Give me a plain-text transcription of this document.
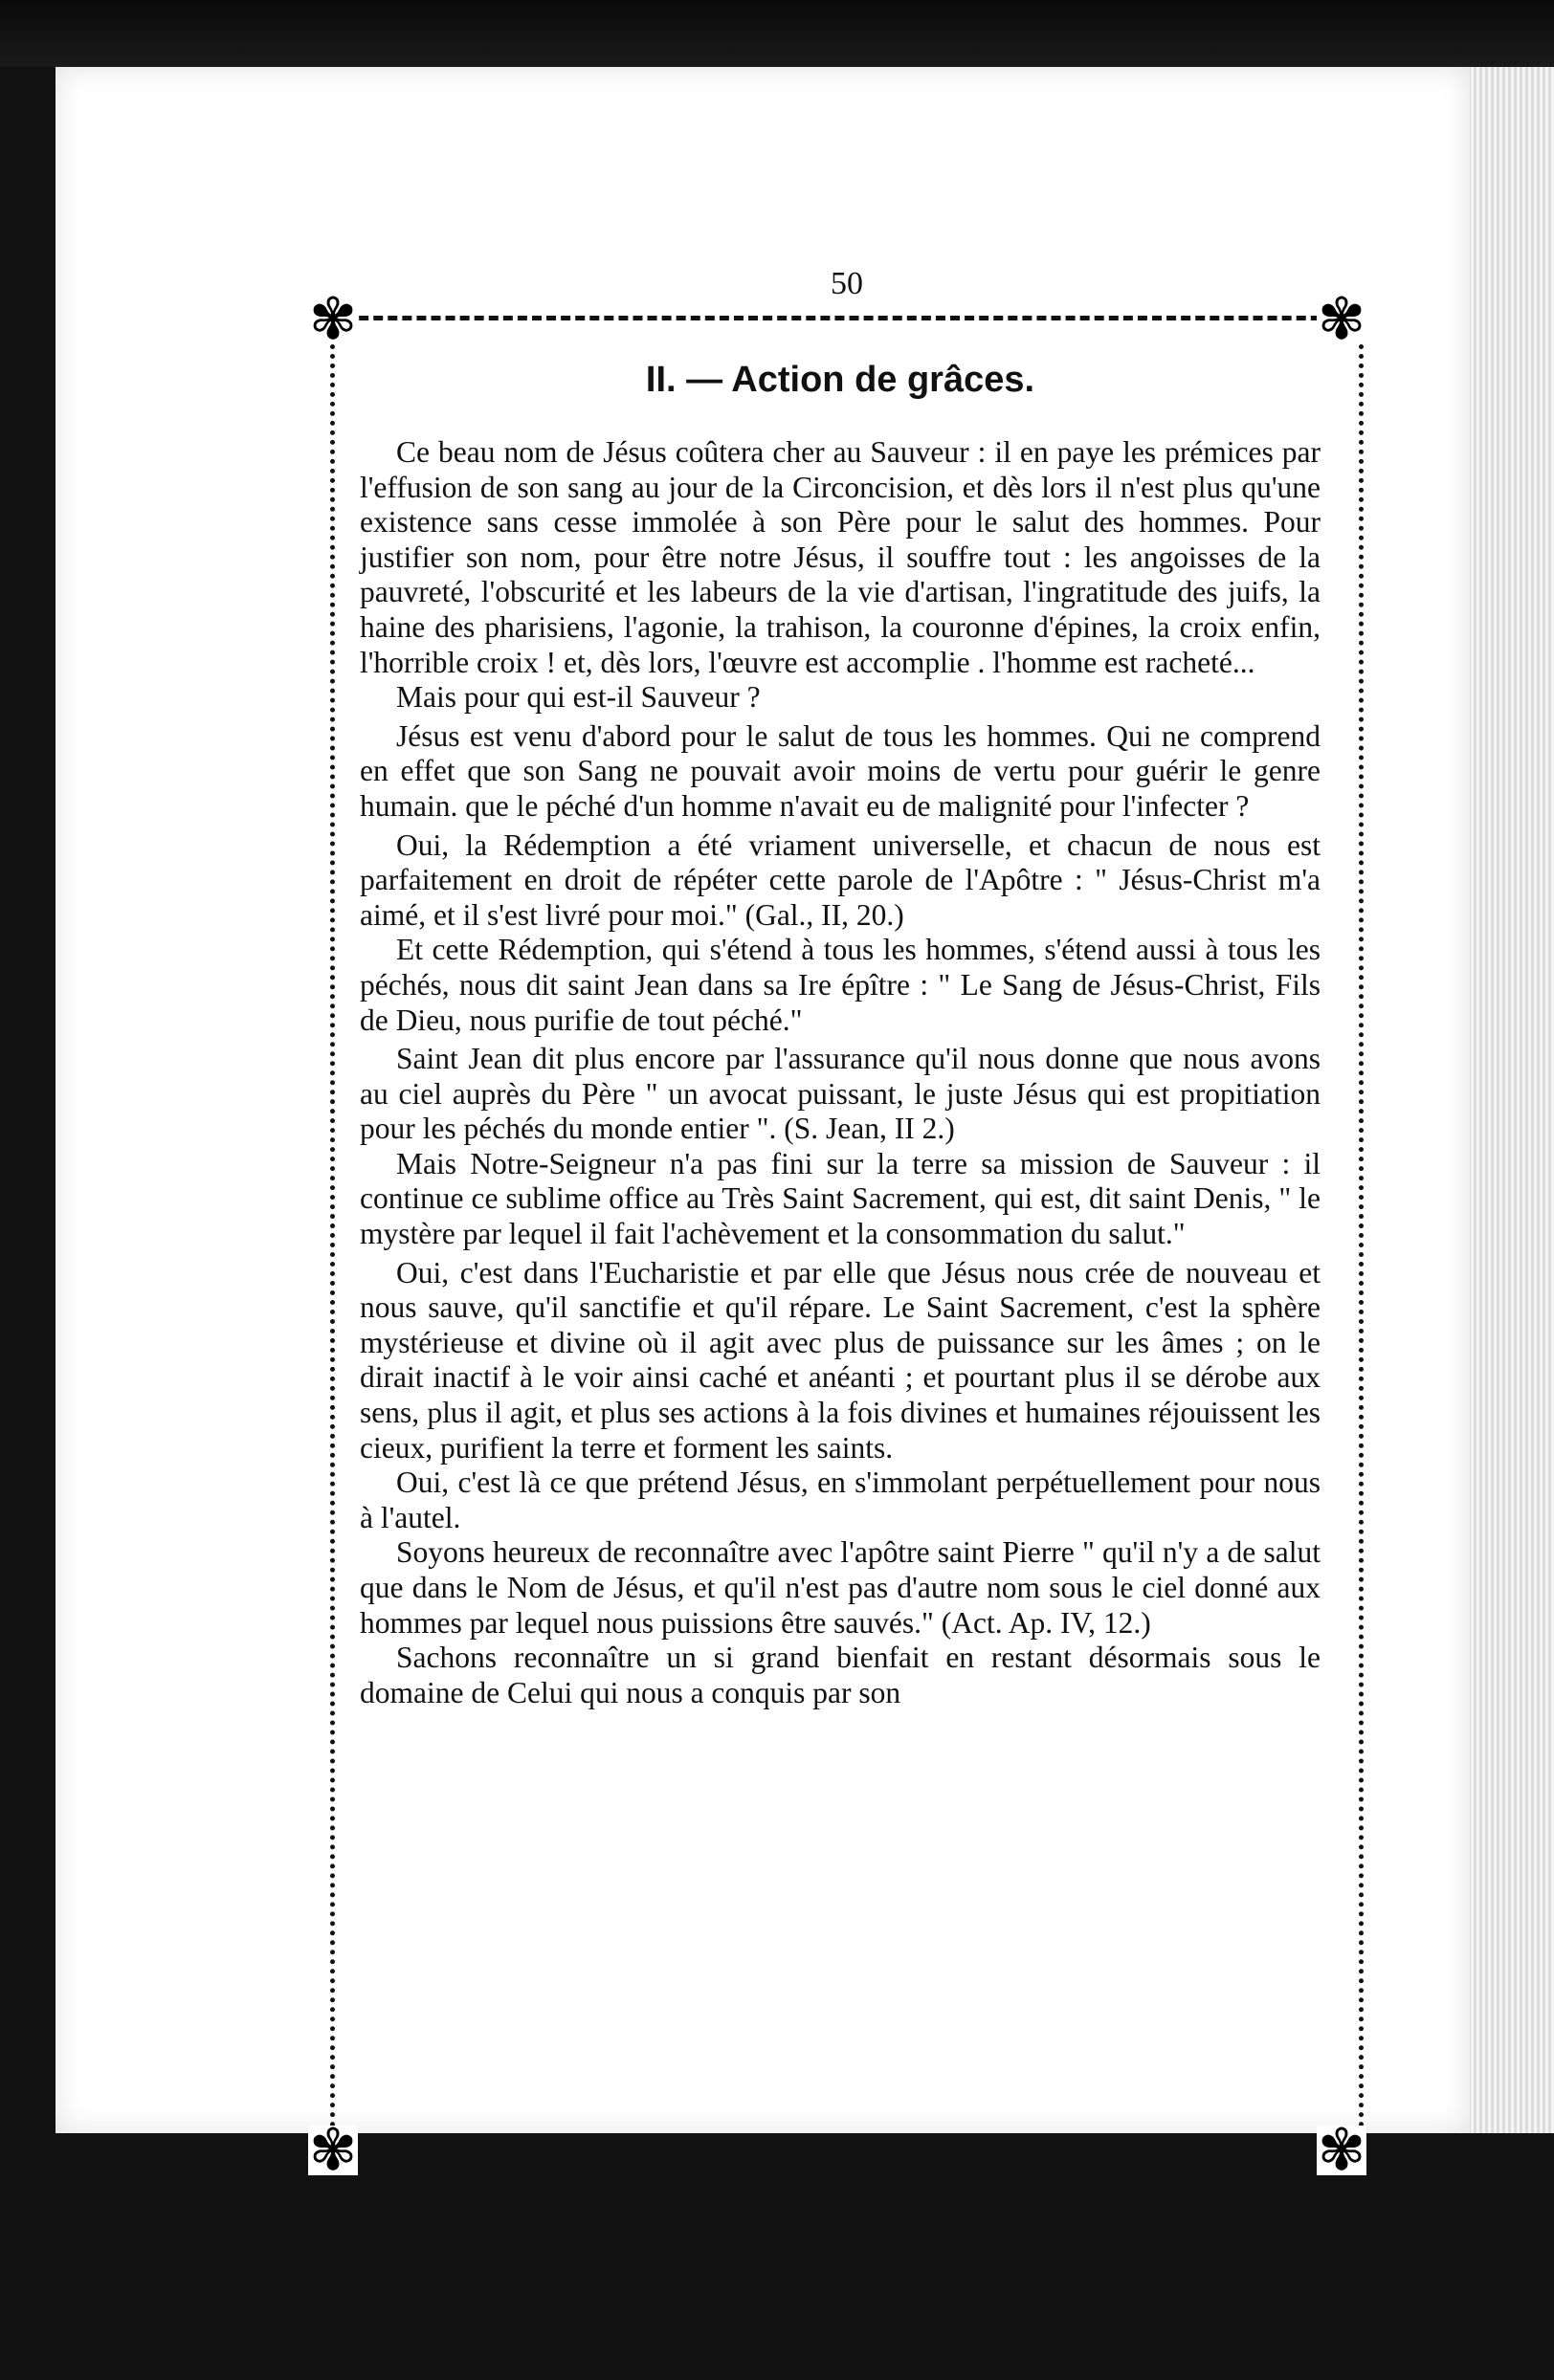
50
✾	✾
✾	✾
II. — Action de grâces.

Ce beau nom de Jésus coûtera cher au Sauveur : il en paye les prémices par l'effusion de son sang au jour de la Circoncision, et dès lors il n'est plus qu'une existence sans cesse immolée à son Père pour le salut des hommes. Pour justifier son nom, pour être notre Jésus, il souffre tout : les angoisses de la pauvreté, l'obscurité et les labeurs de la vie d'artisan, l'ingratitude des juifs, la haine des pharisiens, l'agonie, la trahison, la couronne d'épines, la croix enfin, l'horrible croix ! et, dès lors, l'œuvre est accomplie . l'homme est racheté...

Mais pour qui est-il Sauveur ?

Jésus est venu d'abord pour le salut de tous les hommes. Qui ne comprend en effet que son Sang ne pouvait avoir moins de vertu pour guérir le genre humain. que le péché d'un homme n'avait eu de malignité pour l'infecter ?

Oui, la Rédemption a été vriament universelle, et chacun de nous est parfaitement en droit de répéter cette parole de l'Apôtre : " Jésus-Christ m'a aimé, et il s'est livré pour moi." (Gal., II, 20.)

Et cette Rédemption, qui s'étend à tous les hommes, s'étend aussi à tous les péchés, nous dit saint Jean dans sa Ire épître : " Le Sang de Jésus-Christ, Fils de Dieu, nous purifie de tout péché."

Saint Jean dit plus encore par l'assurance qu'il nous donne que nous avons au ciel auprès du Père " un avocat puissant, le juste Jésus qui est propitiation pour les péchés du monde entier ". (S. Jean, II 2.)

Mais Notre-Seigneur n'a pas fini sur la terre sa mission de Sauveur : il continue ce sublime office au Très Saint Sacrement, qui est, dit saint Denis, " le mystère par lequel il fait l'achèvement et la consommation du salut."

Oui, c'est dans l'Eucharistie et par elle que Jésus nous crée de nouveau et nous sauve, qu'il sanctifie et qu'il répare. Le Saint Sacrement, c'est la sphère mystérieuse et divine où il agit avec plus de puissance sur les âmes ; on le dirait inactif à le voir ainsi caché et anéanti ; et pourtant plus il se dérobe aux sens, plus il agit, et plus ses actions à la fois divines et humaines réjouissent les cieux, purifient la terre et forment les saints.

Oui, c'est là ce que prétend Jésus, en s'immolant perpétuellement pour nous à l'autel.

Soyons heureux de reconnaître avec l'apôtre saint Pierre " qu'il n'y a de salut que dans le Nom de Jésus, et qu'il n'est pas d'autre nom sous le ciel donné aux hommes par lequel nous puissions être sauvés." (Act. Ap. IV, 12.)

Sachons reconnaître un si grand bienfait en restant désormais sous le domaine de Celui qui nous a conquis par son
